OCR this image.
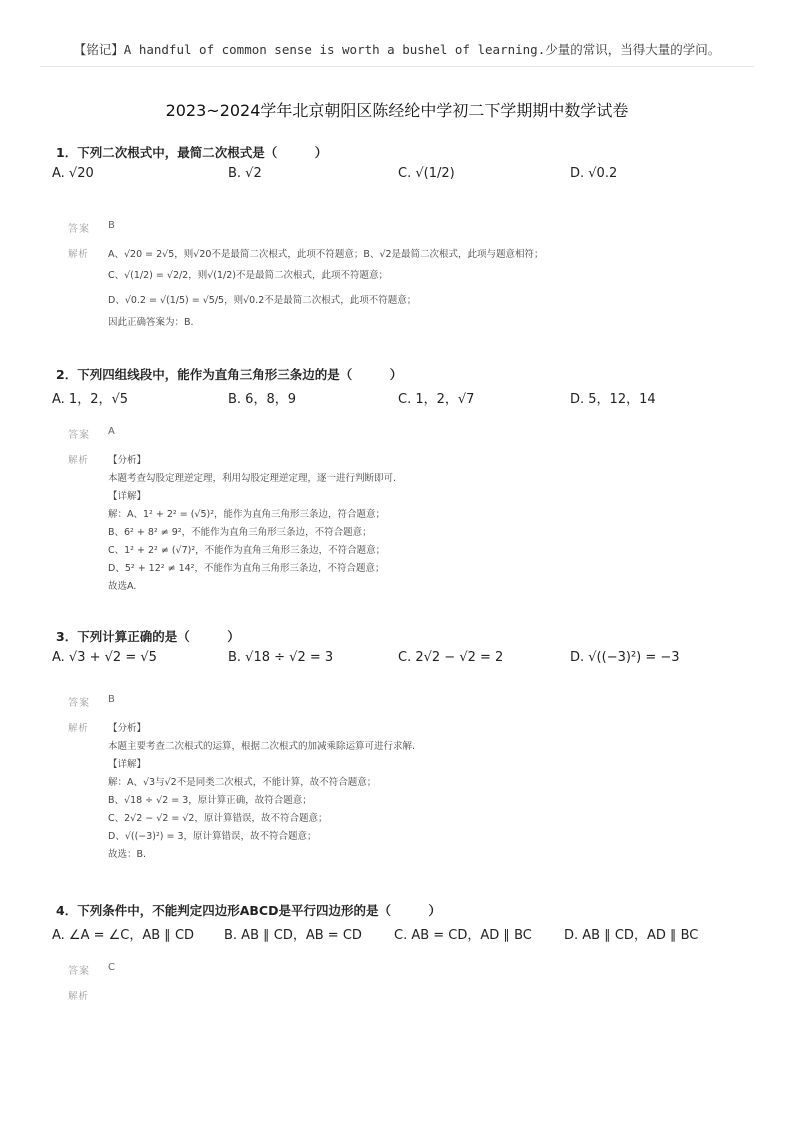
【铭记】A handful of common sense is worth a bushel of learning.少量的常识，当得大量的学问。
2023~2024学年北京朝阳区陈经纶中学初二下学期期中数学试卷
1．下列二次根式中，最简二次根式是（　　　）
A. √20	B. √2	C. √(1/2)	D. √0.2
答案 B
解析 A、√20 = 2√5，则√20不是最简二次根式，此项不符题意；B、√2是最简二次根式，此项与题意相符；
C、√(1/2) = √2/2，则√(1/2)不是最简二次根式，此项不符题意；
D、√0.2 = √(1/5) = √5/5，则√0.2不是最简二次根式，此项不符题意；
因此正确答案为：B.
2．下列四组线段中，能作为直角三角形三条边的是（　　　）
A. 1，2，√5	B. 6，8，9	C. 1，2，√7	D. 5，12，14
答案 A
解析 【分析】
本题考查勾股定理逆定理，利用勾股定理逆定理，逐一进行判断即可.
【详解】
解：A、1² + 2² = (√5)²，能作为直角三角形三条边，符合题意；
B、6² + 8² ≠ 9²，不能作为直角三角形三条边，不符合题意；
C、1² + 2² ≠ (√7)²，不能作为直角三角形三条边，不符合题意；
D、5² + 12² ≠ 14²，不能作为直角三角形三条边，不符合题意；
故选A.
3．下列计算正确的是（　　　）
A. √3 + √2 = √5	B. √18 ÷ √2 = 3	C. 2√2 − √2 = 2	D. √((−3)²) = −3
答案 B
解析 【分析】
本题主要考查二次根式的运算，根据二次根式的加减乘除运算可进行求解.
【详解】
解：A、√3与√2不是同类二次根式，不能计算，故不符合题意；
B、√18 ÷ √2 = 3，原计算正确，故符合题意；
C、2√2 − √2 = √2，原计算错误，故不符合题意；
D、√((−3)²) = 3，原计算错误，故不符合题意；
故选：B.
4．下列条件中，不能判定四边形ABCD是平行四边形的是（　　　）
A. ∠A = ∠C，AB ∥ CD B. AB ∥ CD，AB = CD C. AB = CD，AD ∥ BC D. AB ∥ CD，AD ∥ BC
答案 C
解析
